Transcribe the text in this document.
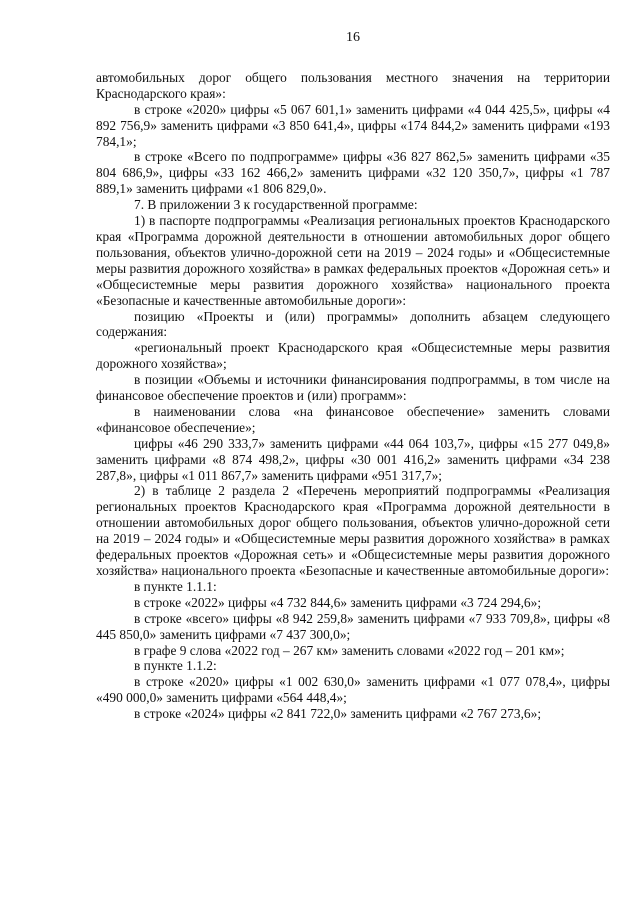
16

автомобильных дорог общего пользования местного значения на территории Краснодарского края»:

в строке «2020» цифры «5 067 601,1» заменить цифрами «4 044 425,5», цифры «4 892 756,9» заменить цифрами «3 850 641,4», цифры «174 844,2» заменить цифрами «193 784,1»;

в строке «Всего по подпрограмме» цифры «36 827 862,5» заменить цифрами «35 804 686,9», цифры «33 162 466,2» заменить цифрами «32 120 350,7», цифры «1 787 889,1» заменить цифрами «1 806 829,0».

7. В приложении 3 к государственной программе:

1) в паспорте подпрограммы «Реализация региональных проектов Краснодарского края «Программа дорожной деятельности в отношении автомобильных дорог общего пользования, объектов улично-дорожной сети на 2019 – 2024 годы» и «Общесистемные меры развития дорожного хозяйства» в рамках федеральных проектов «Дорожная сеть» и «Общесистемные меры развития дорожного хозяйства» национального проекта «Безопасные и качественные автомобильные дороги»:

позицию «Проекты и (или) программы» дополнить абзацем следующего содержания:

«региональный проект Краснодарского края «Общесистемные меры развития дорожного хозяйства»;

в позиции «Объемы и источники финансирования подпрограммы, в том числе на финансовое обеспечение проектов и (или) программ»:

в наименовании слова «на финансовое обеспечение» заменить словами «финансовое обеспечение»;

цифры «46 290 333,7» заменить цифрами «44 064 103,7», цифры «15 277 049,8» заменить цифрами «8 874 498,2», цифры «30 001 416,2» заменить цифрами «34 238 287,8», цифры «1 011 867,7» заменить цифрами «951 317,7»;

2) в таблице 2 раздела 2 «Перечень мероприятий подпрограммы «Реализация региональных проектов Краснодарского края «Программа дорожной деятельности в отношении автомобильных дорог общего пользования, объектов улично-дорожной сети на 2019 – 2024 годы» и «Общесистемные меры развития дорожного хозяйства» в рамках федеральных проектов «Дорожная сеть» и «Общесистемные меры развития дорожного хозяйства» национального проекта «Безопасные и качественные автомобильные дороги»:

в пункте 1.1.1:

в строке «2022» цифры «4 732 844,6» заменить цифрами «3 724 294,6»;

в строке «всего» цифры «8 942 259,8» заменить цифрами «7 933 709,8», цифры «8 445 850,0» заменить цифрами «7 437 300,0»;

в графе 9 слова «2022 год – 267 км» заменить словами «2022 год – 201 км»;

в пункте 1.1.2:

в строке «2020» цифры «1 002 630,0» заменить цифрами «1 077 078,4», цифры «490 000,0» заменить цифрами «564 448,4»;

в строке «2024» цифры «2 841 722,0» заменить цифрами «2 767 273,6»;
